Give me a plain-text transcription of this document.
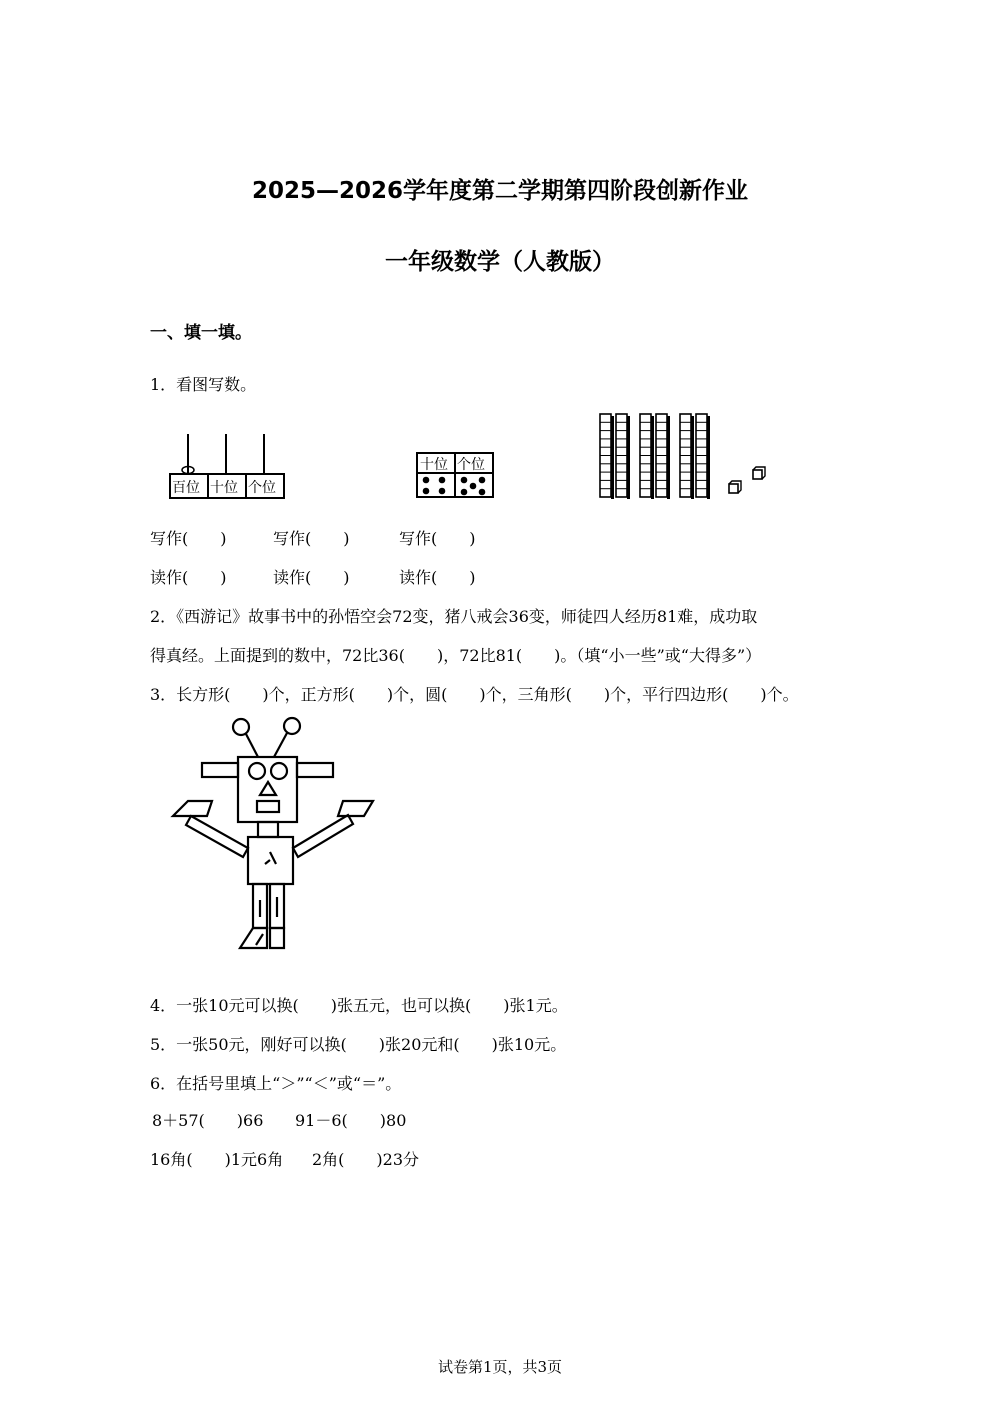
2025—2026学年度第二学期第四阶段创新作业
一年级数学（人教版）
一、填一填。
1．看图写数。
百位 十位 个位
十位 个位
写作(　　)	写作(　　)	写作(　　)
读作(　　)	读作(　　)	读作(　　)
2．《西游记》故事书中的孙悟空会72变，猪八戒会36变，师徒四人经历81难，成功取
得真经。上面提到的数中，72比36(　　)，72比81(　　)。（填“小一些”或“大得多”）
3．长方形(　　)个，正方形(　　)个，圆(　　)个，三角形(　　)个，平行四边形(　　)个。
4．一张10元可以换(　　)张五元，也可以换(　　)张1元。
5．一张50元，刚好可以换(　　)张20元和(　　)张10元。
6．在括号里填上“＞”“＜”或“＝”。
8＋57(　　)66 91－6(　　)80
16角(　　)1元6角 2角(　　)23分
试卷第1页，共3页
